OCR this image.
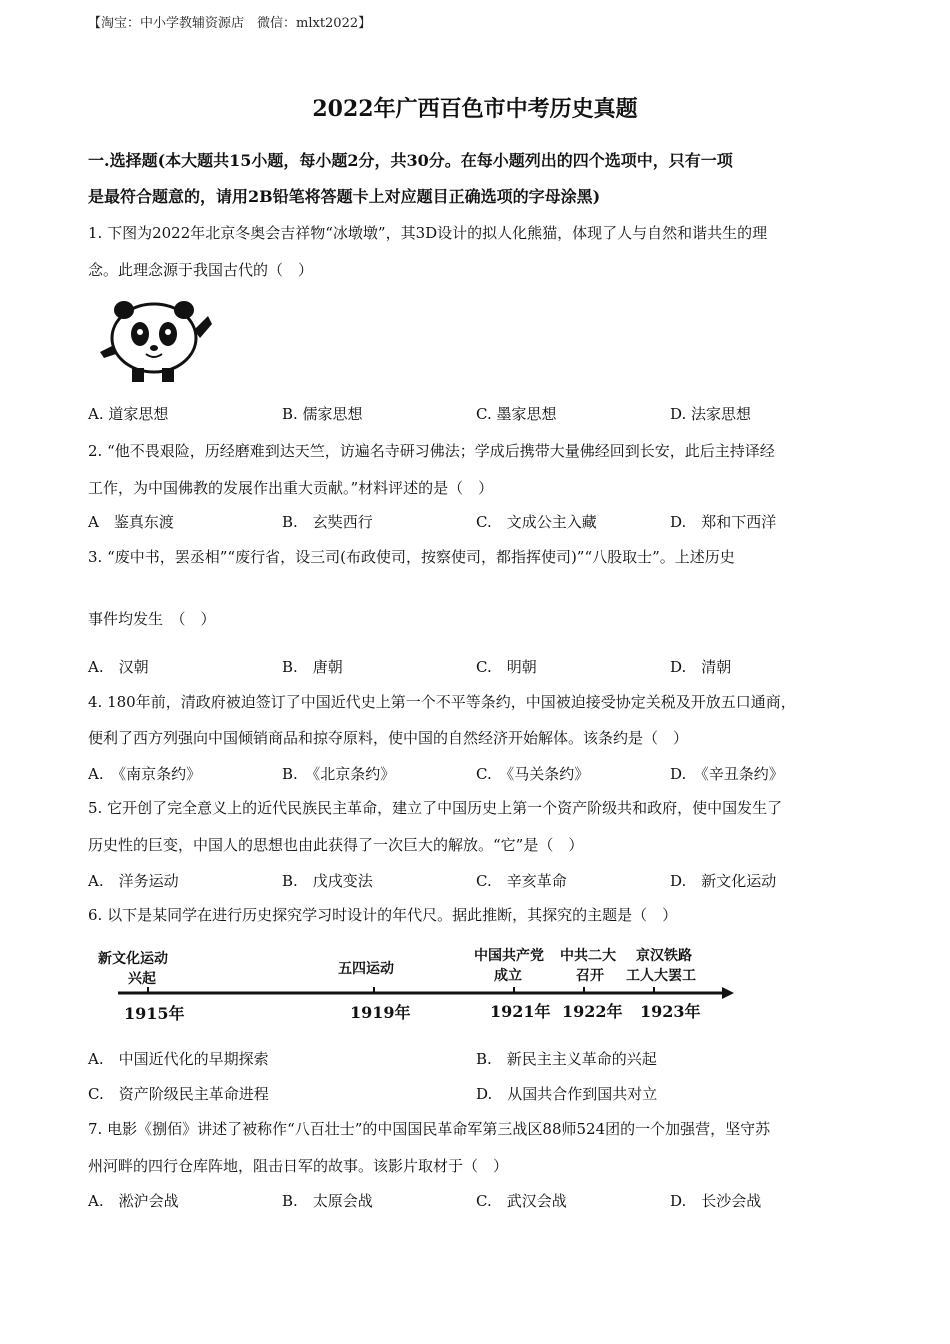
【淘宝：中小学教辅资源店　微信：mlxt2022】
2022年广西百色市中考历史真题
一.选择题(本大题共15小题，每小题2分，共30分。在每小题列出的四个选项中，只有一项
是最符合题意的，请用2B铅笔将答题卡上对应题目正确选项的字母涂黑)
1. 下图为2022年北京冬奥会吉祥物“冰墩墩”，其3D设计的拟人化熊猫，体现了人与自然和谐共生的理
念。此理念源于我国古代的（　）
A. 道家思想	B. 儒家思想	C. 墨家思想	D. 法家思想
2. “他不畏艰险，历经磨难到达天竺，访遍名寺研习佛法；学成后携带大量佛经回到长安，此后主持译经
工作，为中国佛教的发展作出重大贡献。”材料评述的是（　）
A　鉴真东渡	B.　玄奘西行	C.　文成公主入藏	D.　郑和下西洋
3. “废中书，罢丞相”“废行省，设三司(布政使司，按察使司，都指挥使司)”“八股取士”。上述历史
事件均发生　（　）
A.　汉朝	B.　唐朝	C.　明朝	D.　清朝
4. 180年前，清政府被迫签订了中国近代史上第一个不平等条约，中国被迫接受协定关税及开放五口通商，
便利了西方列强向中国倾销商品和掠夺原料，使中国的自然经济开始解体。该条约是（　）
A.　《南京条约》	B.　《北京条约》	C.　《马关条约》	D.　《辛丑条约》
5. 它开创了完全意义上的近代民族民主革命，建立了中国历史上第一个资产阶级共和政府，使中国发生了
历史性的巨变，中国人的思想也由此获得了一次巨大的解放。“它”是（　）
A.　洋务运动	B.　戊戌变法	C.　辛亥革命	D.　新文化运动
6. 以下是某同学在进行历史探究学习时设计的年代尺。据此推断，其探究的主题是（　）
新文化运动
兴起
1915年
五四运动
1919年
中国共产党
成立
1921年
中共二大
召开
1922年
京汉铁路
工人大罢工
1923年
A.　中国近代化的早期探索	B.　新民主主义革命的兴起
C.　资产阶级民主革命进程	D.　从国共合作到国共对立
7. 电影《捌佰》讲述了被称作“八百壮士”的中国国民革命军第三战区88师524团的一个加强营，坚守苏
州河畔的四行仓库阵地，阻击日军的故事。该影片取材于（　）
A.　淞沪会战	B.　太原会战	C.　武汉会战	D.　长沙会战
